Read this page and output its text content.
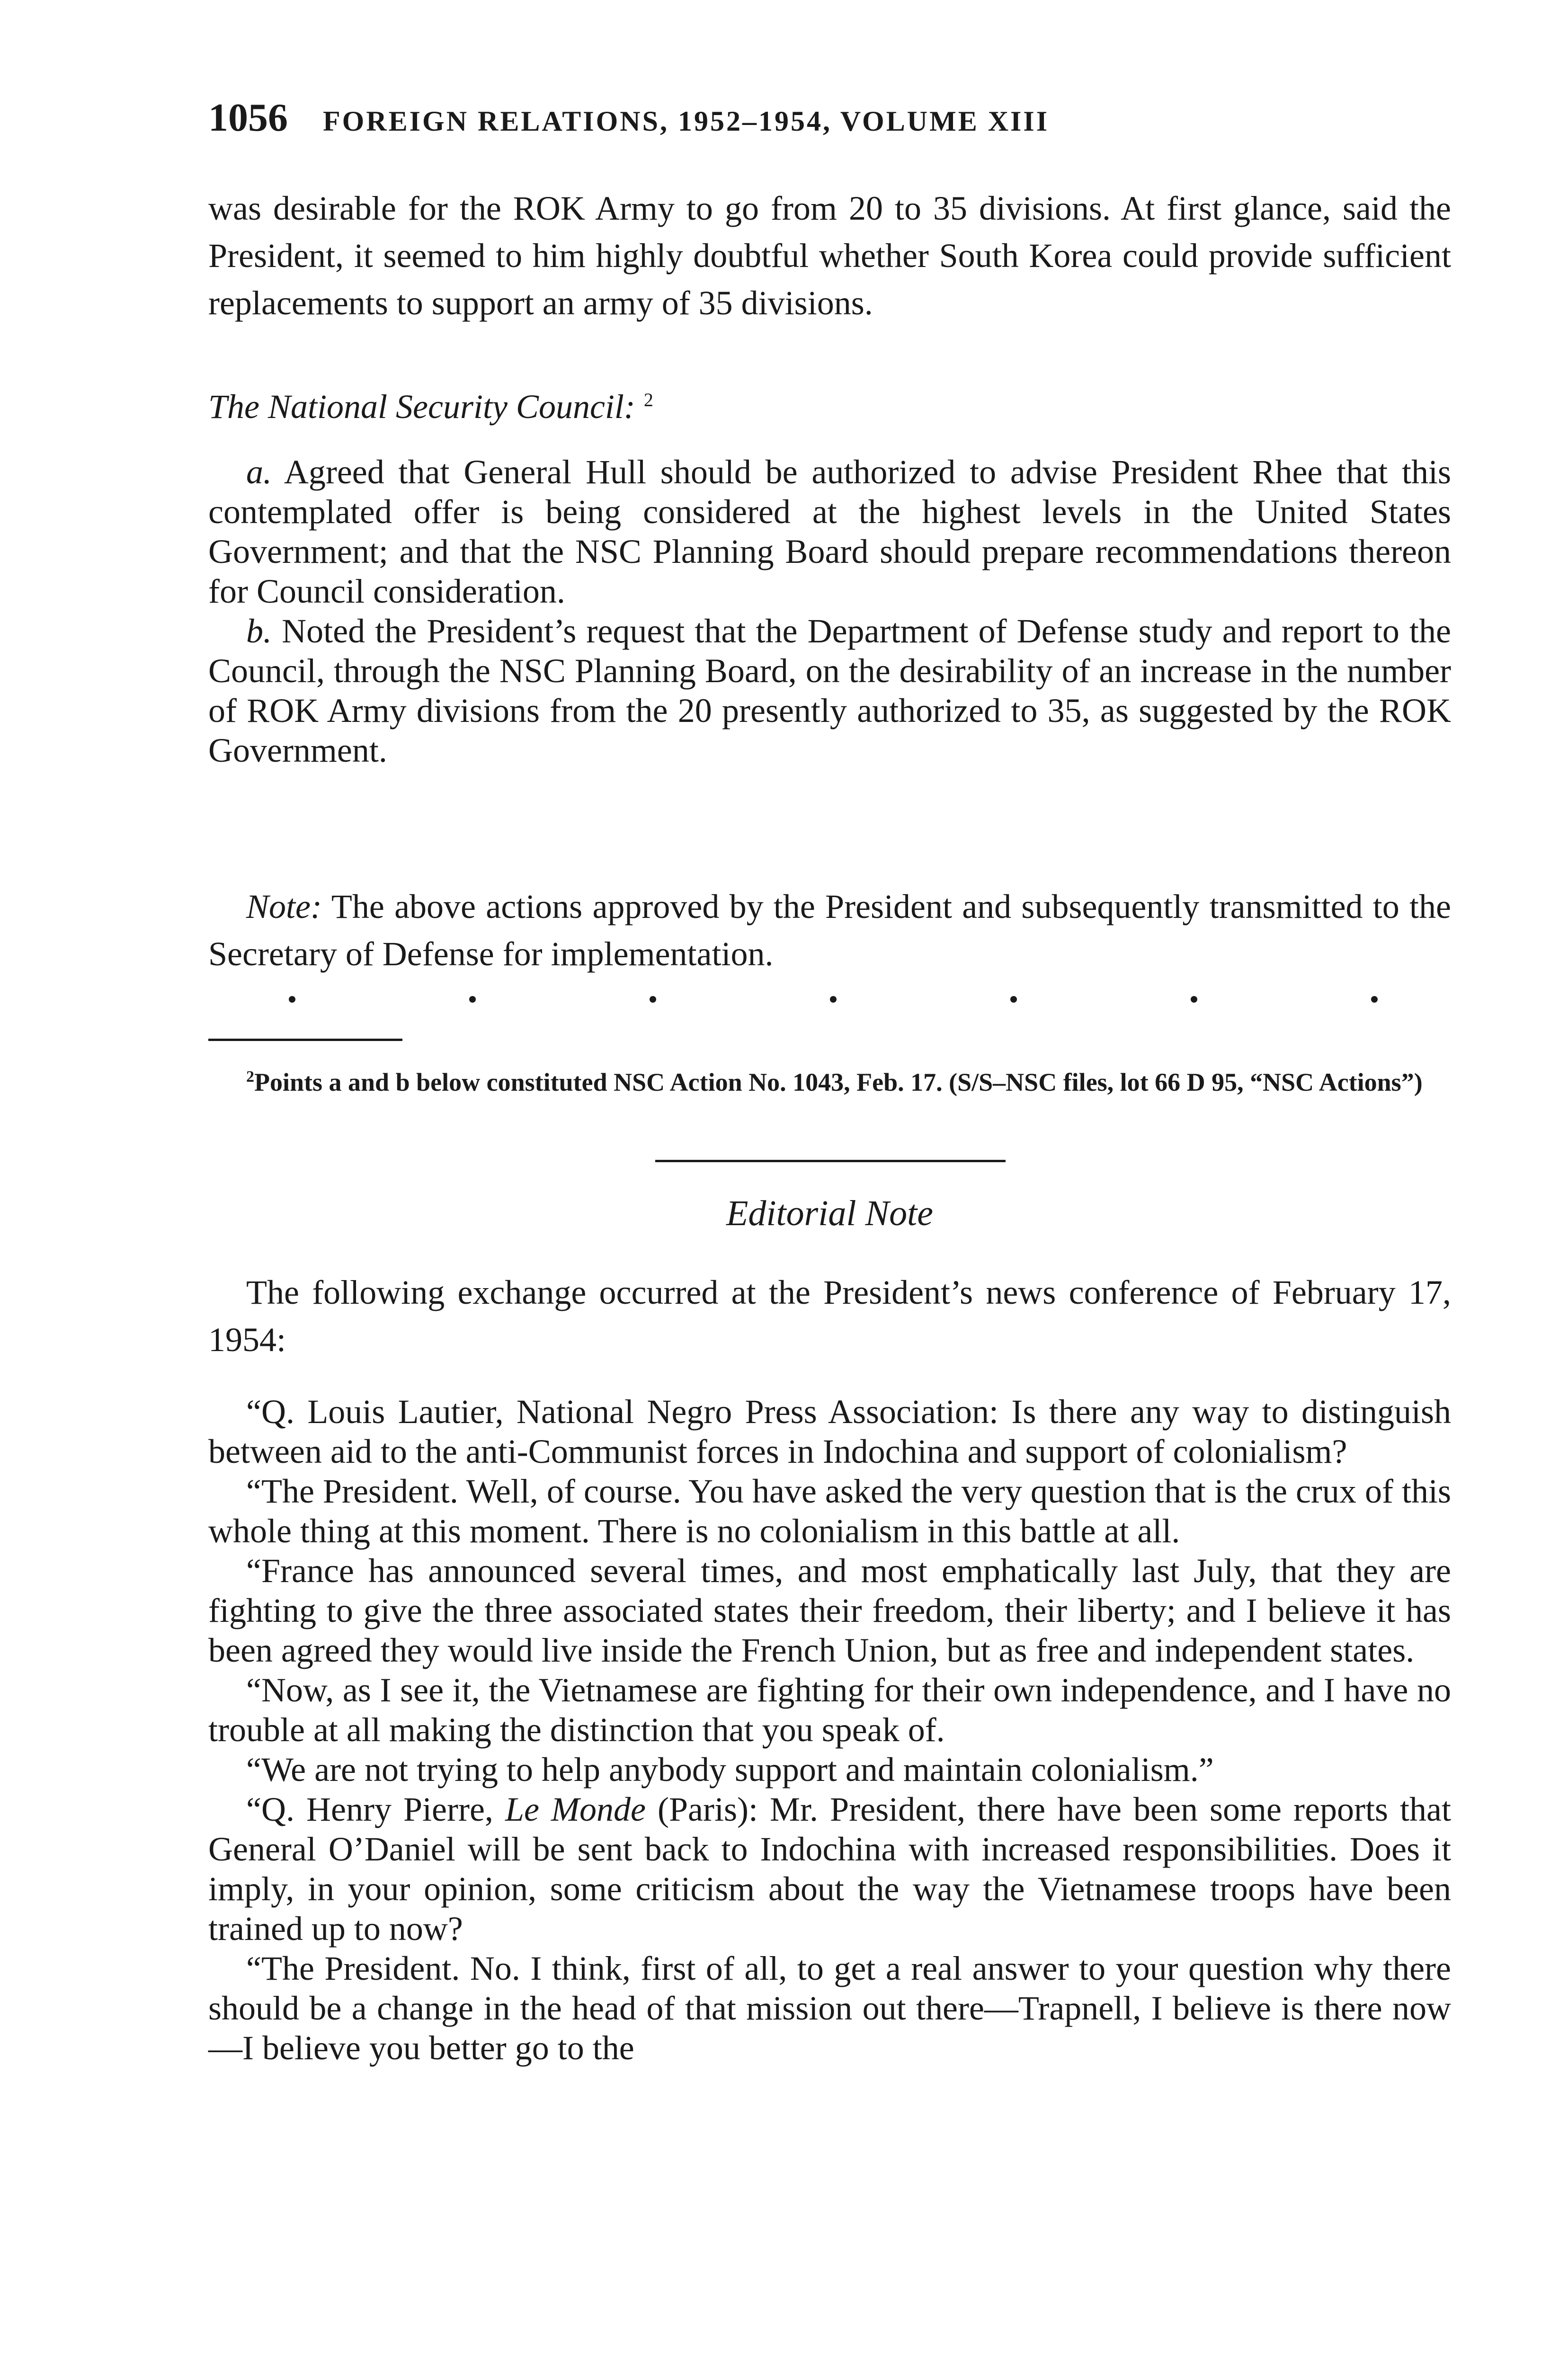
1056 FOREIGN RELATIONS, 1952–1954, VOLUME XIII

was desirable for the ROK Army to go from 20 to 35 divisions. At first glance, said the President, it seemed to him highly doubtful whether South Korea could provide sufficient replacements to support an army of 35 divisions.

The National Security Council: $^2$

a. Agreed that General Hull should be authorized to advise President Rhee that this contemplated offer is being considered at the highest levels in the United States Government; and that the NSC Planning Board should prepare recommendations thereon for Council consideration.

b. Noted the President’s request that the Department of Defense study and report to the Council, through the NSC Planning Board, on the desirability of an increase in the number of ROK Army divisions from the 20 presently authorized to 35, as suggested by the ROK Government.

Note: The above actions approved by the President and subsequently transmitted to the Secretary of Defense for implementation.

$^2$Points a and b below constituted NSC Action No. 1043, Feb. 17. (S/S–NSC files, lot 66 D 95, “NSC Actions”)

Editorial Note

The following exchange occurred at the President’s news conference of February 17, 1954:

“Q. Louis Lautier, National Negro Press Association: Is there any way to distinguish between aid to the anti-Communist forces in Indochina and support of colonialism?

“The President. Well, of course. You have asked the very question that is the crux of this whole thing at this moment. There is no colonialism in this battle at all.

“France has announced several times, and most emphatically last July, that they are fighting to give the three associated states their freedom, their liberty; and I believe it has been agreed they would live inside the French Union, but as free and independent states.

“Now, as I see it, the Vietnamese are fighting for their own independence, and I have no trouble at all making the distinction that you speak of.

“We are not trying to help anybody support and maintain colonialism.”

“Q. Henry Pierre, Le Monde (Paris): Mr. President, there have been some reports that General O’Daniel will be sent back to Indochina with increased responsibilities. Does it imply, in your opinion, some criticism about the way the Vietnamese troops have been trained up to now?

“The President. No. I think, first of all, to get a real answer to your question why there should be a change in the head of that mission out there—Trapnell, I believe is there now—I believe you better go to the
